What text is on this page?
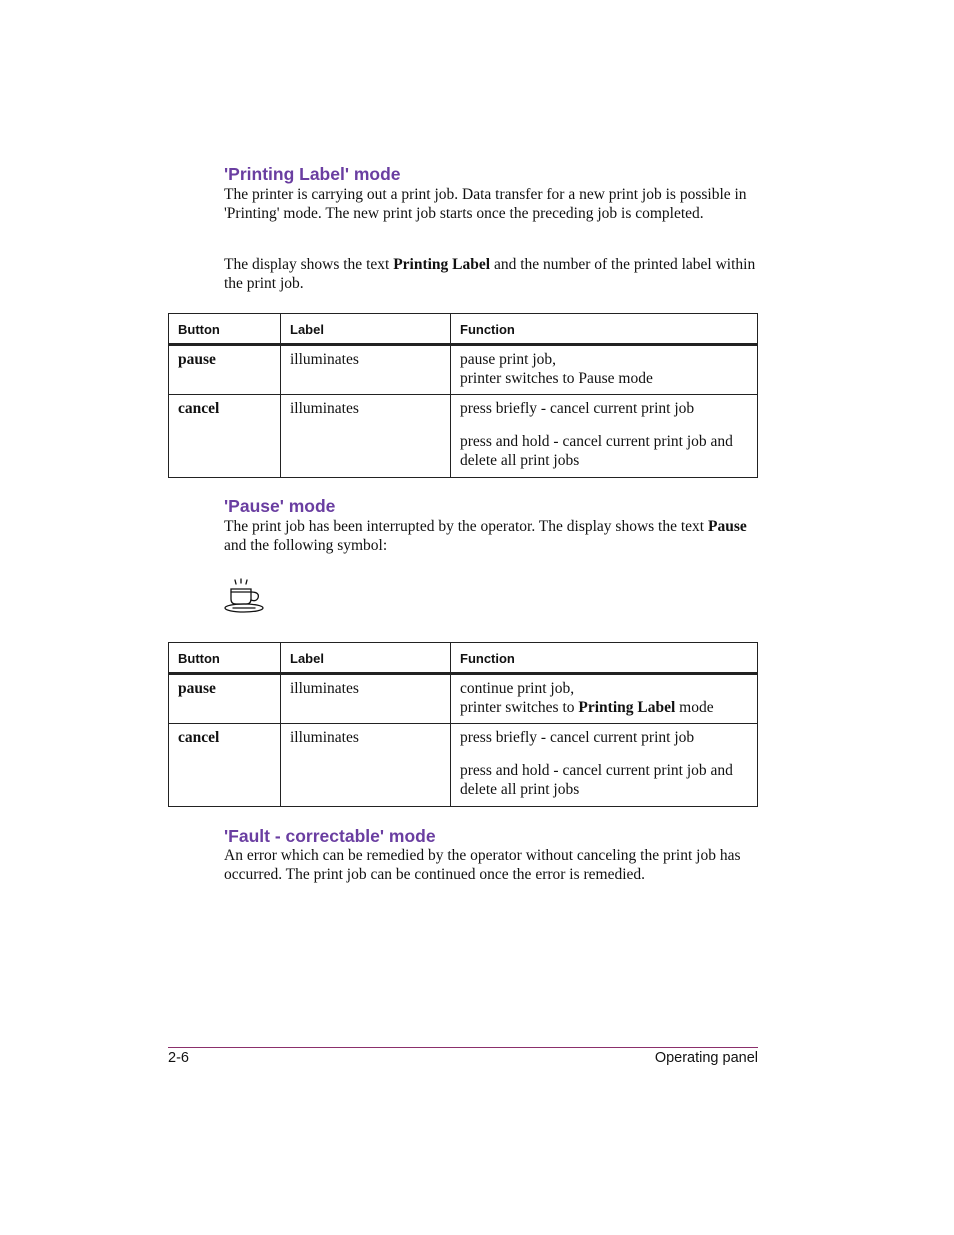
'Printing Label' mode

The printer is carrying out a print job. Data transfer for a new print job is possible in 'Printing' mode. The new print job starts once the preceding job is completed.

The display shows the text Printing Label and the number of the printed label within the print job.

Button	Label	Function
pause	illuminates	pause print job,
printer switches to Pause mode
cancel	illuminates	press briefly - cancel current print job
press and hold - cancel current print job and delete all print jobs
'Pause' mode

The print job has been interrupted by the operator. The display shows the text Pause and the following symbol:

Button	Label	Function
pause	illuminates	continue print job,
printer switches to Printing Label mode
cancel	illuminates	press briefly - cancel current print job
press and hold - cancel current print job and delete all print jobs
'Fault - correctable' mode

An error which can be remedied by the operator without canceling the print job has occurred. The print job can be continued once the error is remedied.

2-6	Operating panel
